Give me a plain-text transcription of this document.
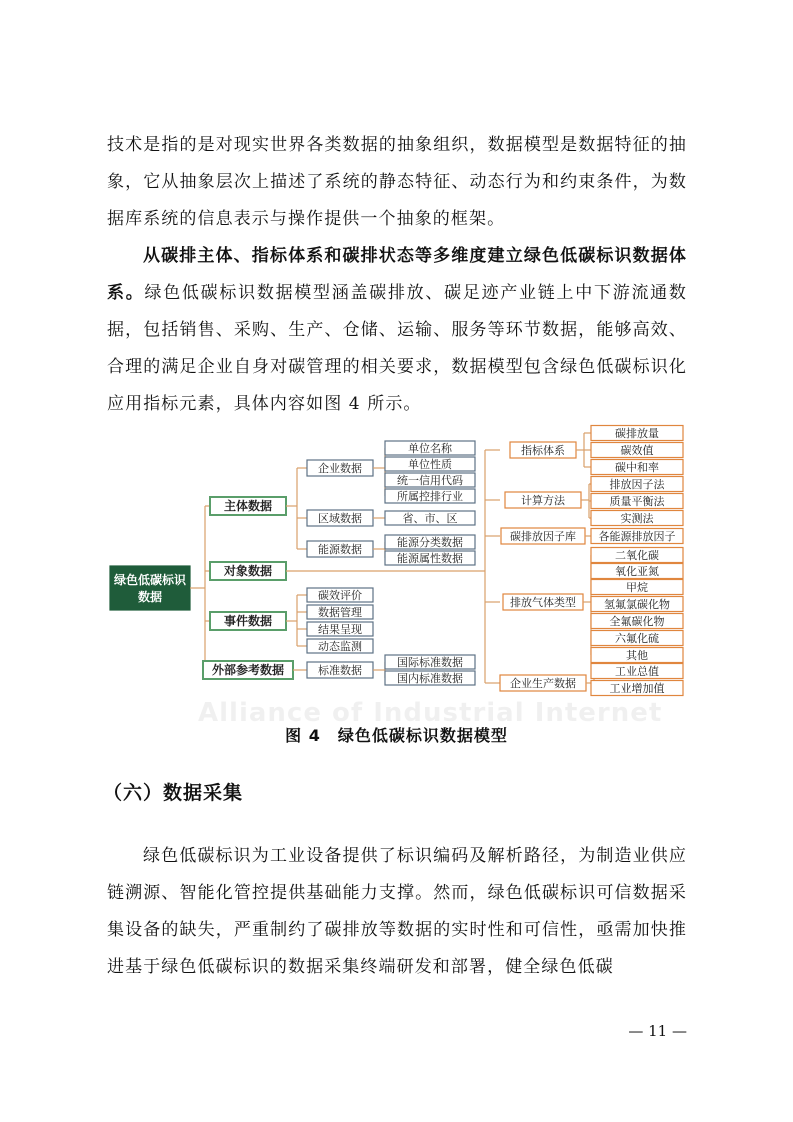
技术是指的是对现实世界各类数据的抽象组织，数据模型是数据特征的抽象，它从抽象层次上描述了系统的静态特征、动态行为和约束条件，为数据库系统的信息表示与操作提供一个抽象的框架。

从碳排主体、指标体系和碳排状态等多维度建立绿色低碳标识数据体系。绿色低碳标识数据模型涵盖碳排放、碳足迹产业链上中下游流通数据，包括销售、采购、生产、仓储、运输、服务等环节数据，能够高效、合理的满足企业自身对碳管理的相关要求，数据模型包含绿色低碳标识化应用指标元素，具体内容如图 4 所示。

Alliance of Industrial Internet
绿色低碳标识
数据
主体数据
对象数据
事件数据
外部参考数据
企业数据
区域数据
能源数据
单位名称
单位性质
统一信用代码
所属控排行业
省、市、区
能源分类数据
能源属性数据
碳效评价
数据管理
结果呈现
动态监测
标准数据
国际标准数据
国内标准数据
指标体系
计算方法
碳排放因子库
排放气体类型
企业生产数据
碳排放量
碳效值
碳中和率
排放因子法
质量平衡法
实测法
各能源排放因子
二氧化碳
氧化亚氮
甲烷
氢氟氯碳化物
全氟碳化物
六氟化硫
其他
工业总值
工业增加值
图 4　绿色低碳标识数据模型
（六）数据采集

绿色低碳标识为工业设备提供了标识编码及解析路径，为制造业供应链溯源、智能化管控提供基础能力支撑。然而，绿色低碳标识可信数据采集设备的缺失，严重制约了碳排放等数据的实时性和可信性，亟需加快推进基于绿色低碳标识的数据采集终端研发和部署，健全绿色低碳

— 11 —
